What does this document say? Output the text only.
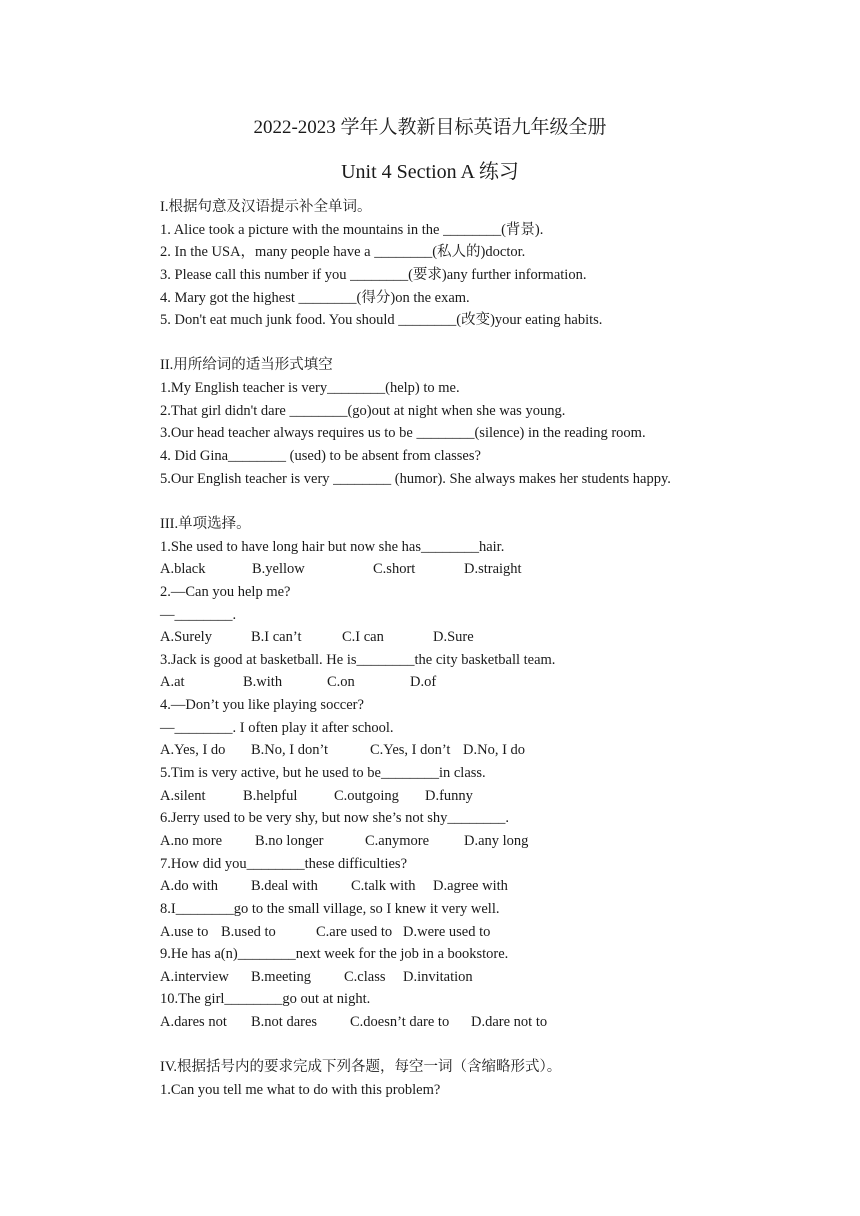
2022-2023 学年人教新目标英语九年级全册
Unit 4 Section A 练习
I.根据句意及汉语提示补全单词。
1. Alice took a picture with the mountains in the ________(背景).
2. In the USA，many people have a ________(私人的)doctor.
3. Please call this number if you ________(要求)any further information.
4. Mary got the highest ________(得分)on the exam.
5. Don't eat much junk food. You should ________(改变)your eating habits.
II.用所给词的适当形式填空
1.My English teacher is very________(help) to me.
2.That girl didn't dare ________(go)out at night when she was young.
3.Our head teacher always requires us to be ________(silence) in the reading room.
4. Did Gina________ (used) to be absent from classes?
5.Our English teacher is very ________ (humor). She always makes her students happy.
III.单项选择。
1.She used to have long hair but now she has________hair.
A.black	B.yellow	C.short	D.straight
2.—Can you help me?
—________.
A.Surely	B.I can’t	C.I can	D.Sure
3.Jack is good at basketball. He is________the city basketball team.
A.at	B.with	C.on	D.of
4.—Don’t you like playing soccer?
—________. I often play it after school.
A.Yes, I do	B.No, I don’t	C.Yes, I don’t D.No, I do
5.Tim is very active, but he used to be________in class.
A.silent	B.helpful	C.outgoing	D.funny
6.Jerry used to be very shy, but now she’s not shy________.
A.no more	B.no longer	C.anymore	D.any long
7.How did you________these difficulties?
A.do with	B.deal with	C.talk with	D.agree with
8.I________go to the small village, so I knew it very well.
A.use to B.used to	C.are used to D.were used to
9.He has a(n)________next week for the job in a bookstore.
A.interview	B.meeting	C.class	D.invitation
10.The girl________go out at night.
A.dares not	B.not dares	C.doesn’t dare to	D.dare not to
IV.根据括号内的要求完成下列各题，每空一词（含缩略形式）。
1.Can you tell me what to do with this problem?
